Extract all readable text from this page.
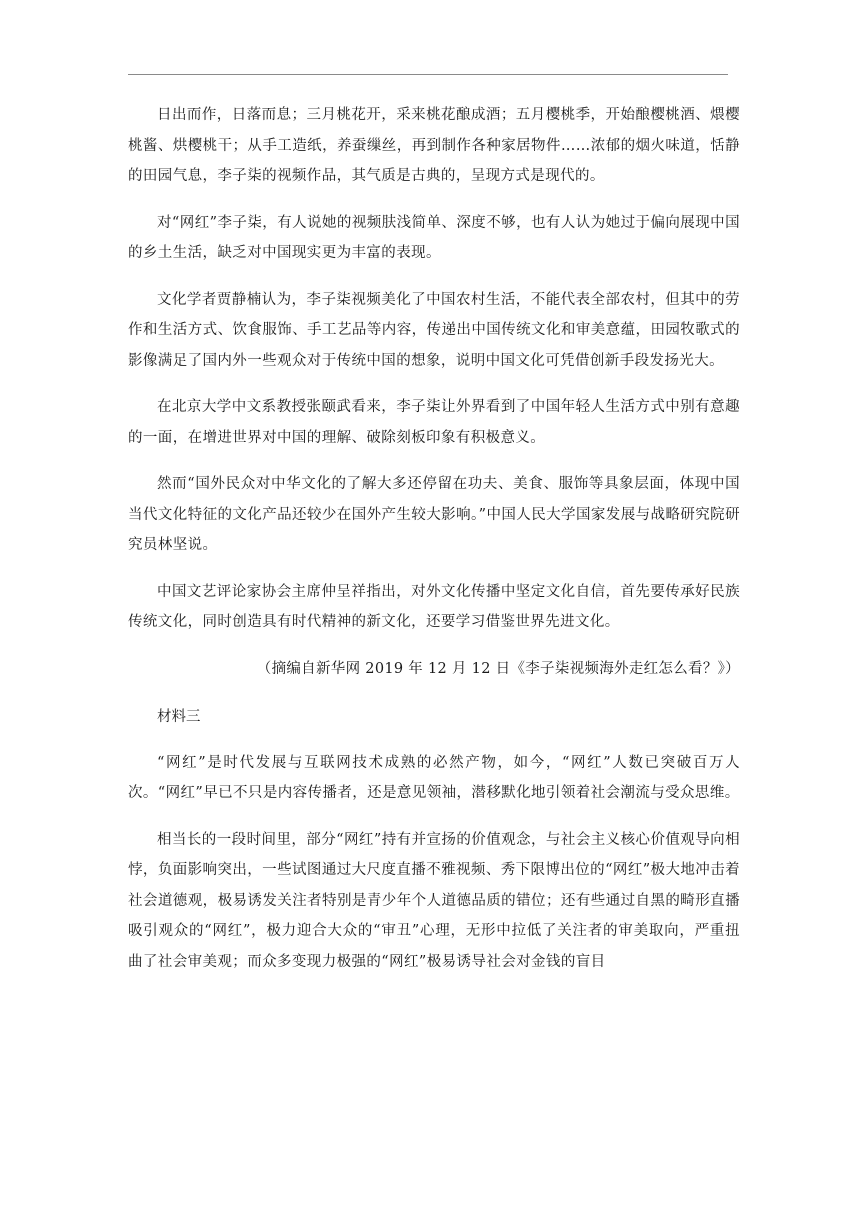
日出而作，日落而息；三月桃花开，采来桃花酿成酒；五月樱桃季，开始酿樱桃酒、煨樱桃酱、烘樱桃干；从手工造纸，养蚕缫丝，再到制作各种家居物件……浓郁的烟火味道，恬静的田园气息，李子柒的视频作品，其气质是古典的，呈现方式是现代的。

对“网红”李子柒，有人说她的视频肤浅简单、深度不够，也有人认为她过于偏向展现中国的乡土生活，缺乏对中国现实更为丰富的表现。

文化学者贾静楠认为，李子柒视频美化了中国农村生活，不能代表全部农村，但其中的劳作和生活方式、饮食服饰、手工艺品等内容，传递出中国传统文化和审美意蕴，田园牧歌式的影像满足了国内外一些观众对于传统中国的想象，说明中国文化可凭借创新手段发扬光大。

在北京大学中文系教授张颐武看来，李子柒让外界看到了中国年轻人生活方式中别有意趣的一面，在增进世界对中国的理解、破除刻板印象有积极意义。

然而“国外民众对中华文化的了解大多还停留在功夫、美食、服饰等具象层面，体现中国当代文化特征的文化产品还较少在国外产生较大影响。”中国人民大学国家发展与战略研究院研究员林坚说。

中国文艺评论家协会主席仲呈祥指出，对外文化传播中坚定文化自信，首先要传承好民族传统文化，同时创造具有时代精神的新文化，还要学习借鉴世界先进文化。

（摘编自新华网 2019 年 12 月 12 日《李子柒视频海外走红怎么看？》）

材料三

“网红”是时代发展与互联网技术成熟的必然产物，如今，“网红”人数已突破百万人次。“网红”早已不只是内容传播者，还是意见领袖，潜移默化地引领着社会潮流与受众思维。

相当长的一段时间里，部分“网红”持有并宣扬的价值观念，与社会主义核心价值观导向相悖，负面影响突出，一些试图通过大尺度直播不雅视频、秀下限博出位的“网红”极大地冲击着社会道德观，极易诱发关注者特别是青少年个人道德品质的错位；还有些通过自黑的畸形直播吸引观众的“网红”，极力迎合大众的“审丑”心理，无形中拉低了关注者的审美取向，严重扭曲了社会审美观；而众多变现力极强的“网红”极易诱导社会对金钱的盲目
